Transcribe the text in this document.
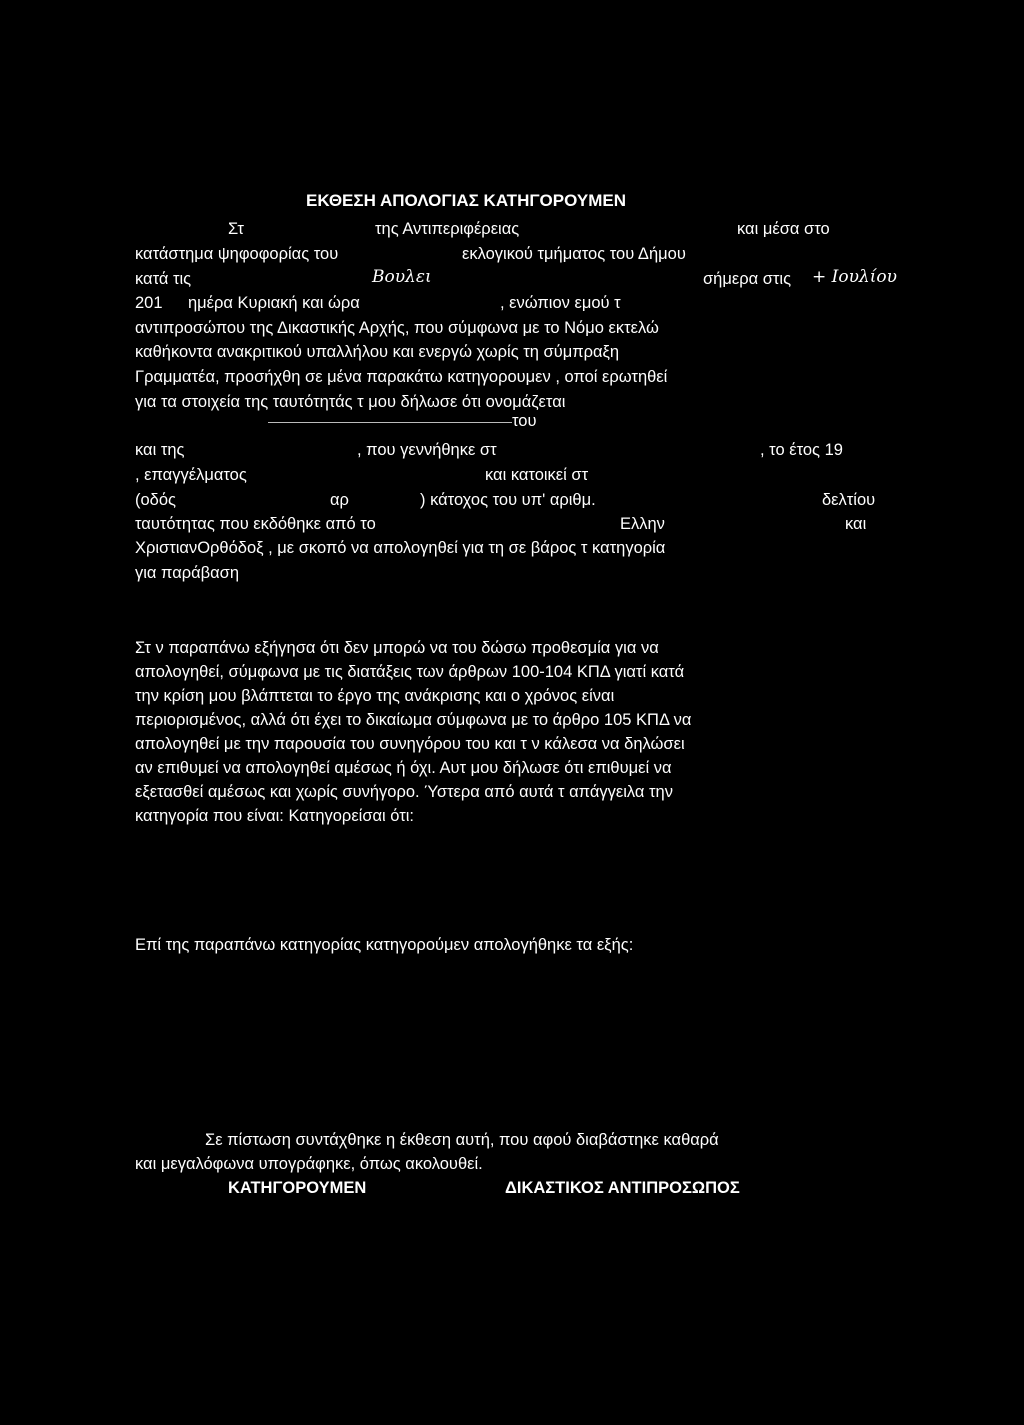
ΕΚΘΕΣΗ ΑΠΟΛΟΓΙΑΣ ΚΑΤΗΓΟΡΟΥΜΕΝ
Στ	της Αντιπεριφέρειας	και μέσα στο
κατάστημα ψηφοφορίας του	εκλογικού τμήματος του Δήμου
κατά τις	Βουλει	σήμερα στις + Ιουλίου
201 ημέρα Κυριακή και ώρα	, ενώπιον εμού τ
αντιπροσώπου της Δικαστικής Αρχής, που σύμφωνα με το Νόμο εκτελώ
καθήκοντα ανακριτικού υπαλλήλου και ενεργώ χωρίς τη σύμπραξη
Γραμματέα, προσήχθη σε μένα παρακάτω κατηγορουμεν , οποί ερωτηθεί
για τα στοιχεία της ταυτότητάς τ μου δήλωσε ότι ονομάζεται
του
και της	, που γεννήθηκε στ	, το έτος 19
, επαγγέλματος	και κατοικεί στ
(οδός	αρ	) κάτοχος του υπ' αριθμ.	δελτίου
ταυτότητας που εκδόθηκε από το	Ελλην	και
ΧριστιανΟρθόδοξ , με σκοπό να απολογηθεί για τη σε βάρος τ κατηγορία
για παράβαση
Στ ν παραπάνω εξήγησα ότι δεν μπορώ να του δώσω προθεσμία για να
απολογηθεί, σύμφωνα με τις διατάξεις των άρθρων 100-104 ΚΠΔ γιατί κατά
την κρίση μου βλάπτεται το έργο της ανάκρισης και ο χρόνος είναι
περιορισμένος, αλλά ότι έχει το δικαίωμα σύμφωνα με το άρθρο 105 ΚΠΔ να
απολογηθεί με την παρουσία του συνηγόρου του και τ ν κάλεσα να δηλώσει
αν επιθυμεί να απολογηθεί αμέσως ή όχι. Αυτ μου δήλωσε ότι επιθυμεί να
εξετασθεί αμέσως και χωρίς συνήγορο. Ύστερα από αυτά τ απάγγειλα την
κατηγορία που είναι: Κατηγορείσαι ότι:
Επί της παραπάνω κατηγορίας κατηγορούμεν απολογήθηκε τα εξής:
Σε πίστωση συντάχθηκε η έκθεση αυτή, που αφού διαβάστηκε καθαρά
και μεγαλόφωνα υπογράφηκε, όπως ακολουθεί.
ΚΑΤΗΓΟΡΟΥΜΕΝ	ΔΙΚΑΣΤΙΚΟΣ ΑΝΤΙΠΡΟΣΩΠΟΣ
